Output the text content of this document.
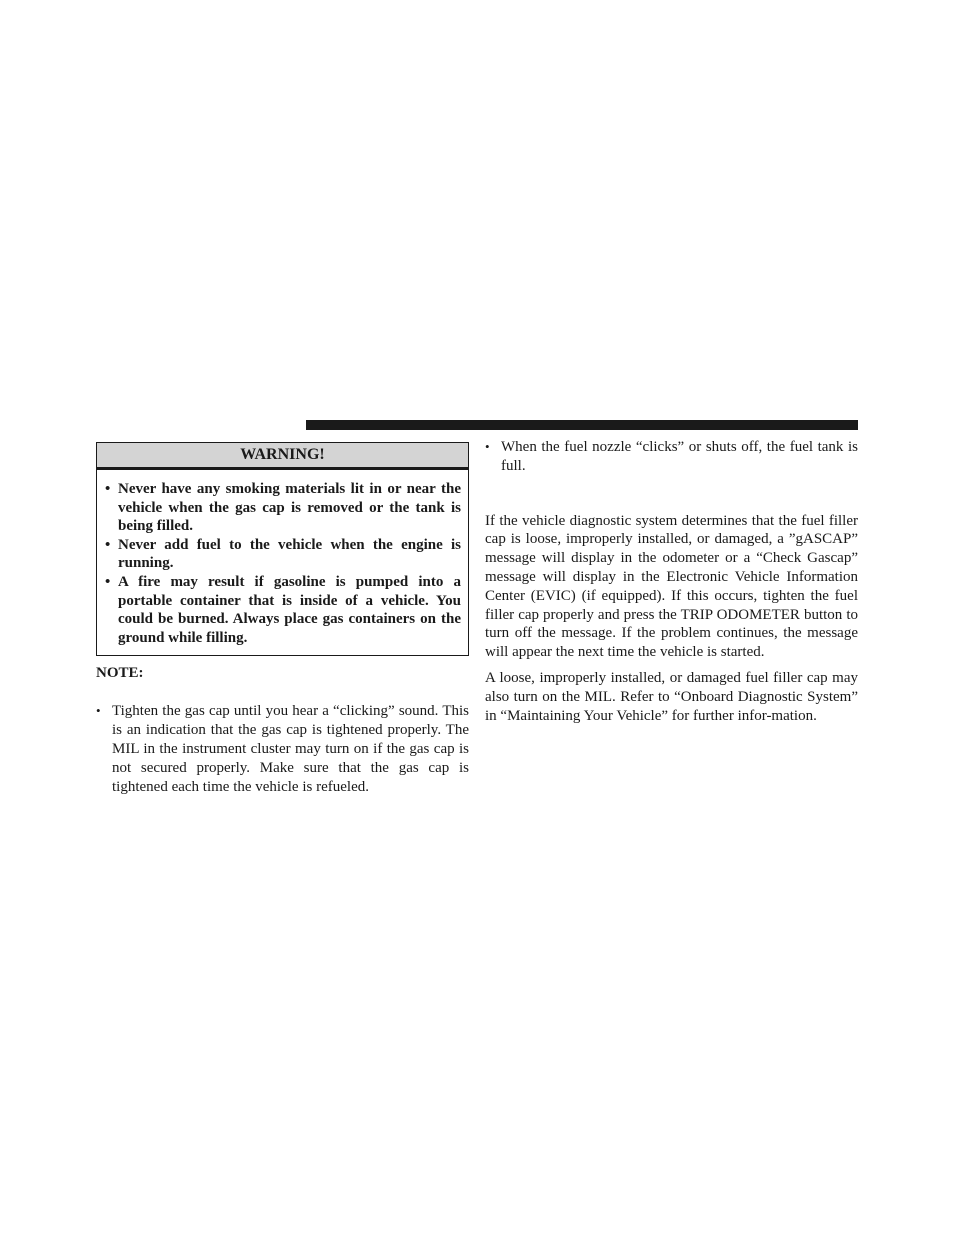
WARNING!
• Never have any smoking materials lit in or near the vehicle when the gas cap is removed or the tank is being filled.
• Never add fuel to the vehicle when the engine is running.
• A fire may result if gasoline is pumped into a portable container that is inside of a vehicle. You could be burned. Always place gas containers on the ground while filling.
NOTE:
• Tighten the gas cap until you hear a “clicking” sound. This is an indication that the gas cap is tightened properly. The MIL in the instrument cluster may turn on if the gas cap is not secured properly. Make sure that the gas cap is tightened each time the vehicle is refueled.
• When the fuel nozzle “clicks” or shuts off, the fuel tank is full.

If the vehicle diagnostic system determines that the fuel filler cap is loose, improperly installed, or damaged, a ”gASCAP” message will display in the odometer or a “Check Gascap” message will display in the Electronic Vehicle Information Center (EVIC) (if equipped). If this occurs, tighten the fuel filler cap properly and press the TRIP ODOMETER button to turn off the message. If the problem continues, the message will appear the next time the vehicle is started.

A loose, improperly installed, or damaged fuel filler cap may also turn on the MIL. Refer to “Onboard Diagnostic System” in “Maintaining Your Vehicle” for further infor-mation.
